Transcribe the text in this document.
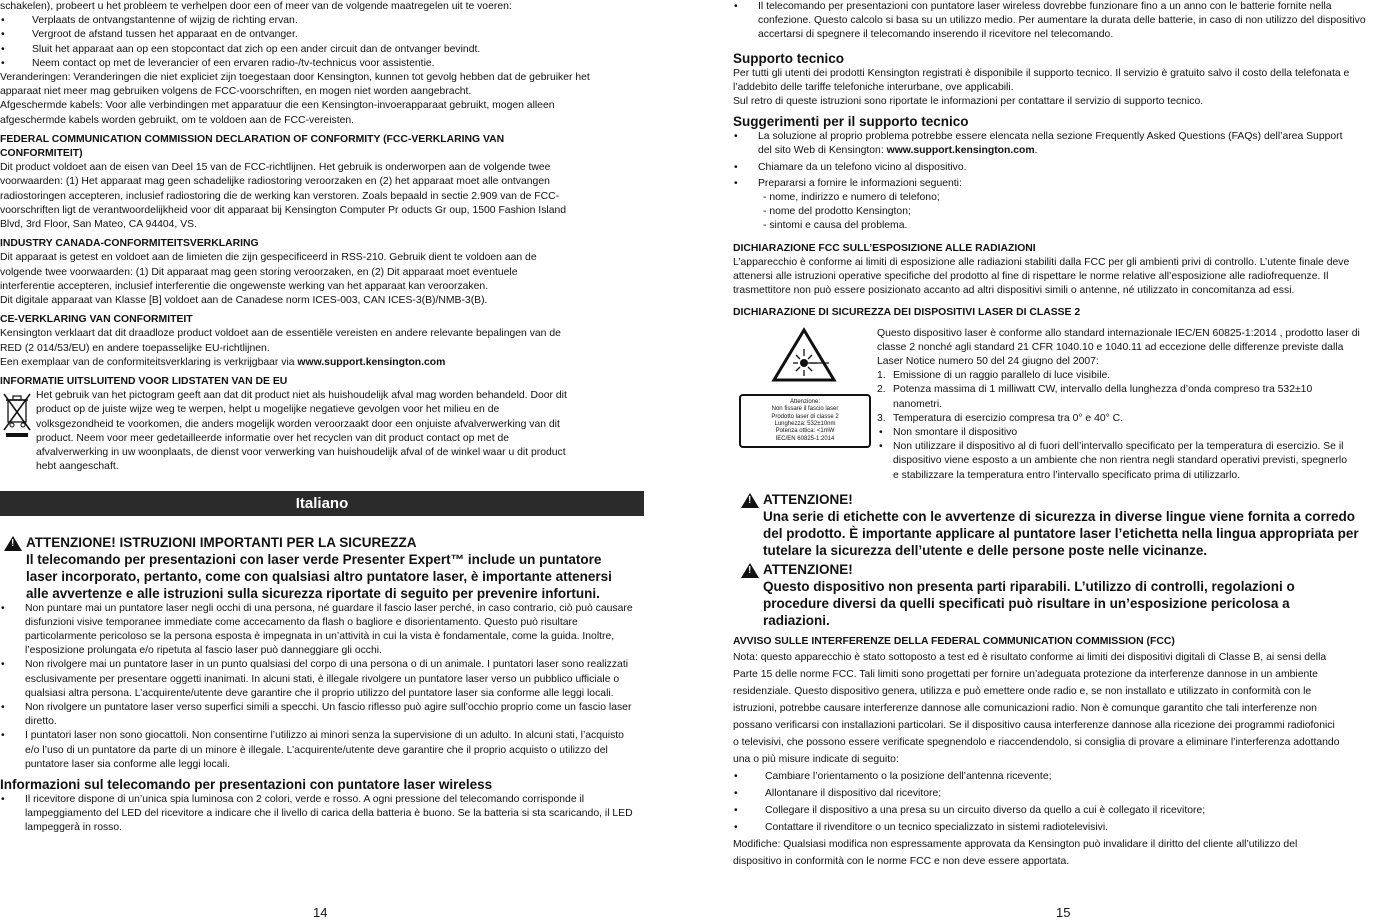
schakelen), probeert u het probleem te verhelpen door een of meer van de volgende maatregelen uit te voeren:

• Verplaats de ontvangstantenne of wijzig de richting ervan.

• Vergroot de afstand tussen het apparaat en de ontvanger.

• Sluit het apparaat aan op een stopcontact dat zich op een ander circuit dan de ontvanger bevindt.

• Neem contact op met de leverancier of een ervaren radio-/tv-technicus voor assistentie.

Veranderingen: Veranderingen die niet expliciet zijn toegestaan door Kensington, kunnen tot gevolg hebben dat de gebruiker het apparaat niet meer mag gebruiken volgens de FCC-voorschriften, en mogen niet worden aangebracht.

Afgeschermde kabels: Voor alle verbindingen met apparatuur die een Kensington-invoerapparaat gebruikt, mogen alleen afgeschermde kabels worden gebruikt, om te voldoen aan de FCC-vereisten.

FEDERAL COMMUNICATION COMMISSION DECLARATION OF CONFORMITY (FCC-VERKLARING VAN CONFORMITEIT)

Dit product voldoet aan de eisen van Deel 15 van de FCC-richtlijnen. Het gebruik is onderworpen aan de volgende twee voorwaarden: (1) Het apparaat mag geen schadelijke radiostoring veroorzaken en (2) het apparaat moet alle ontvangen radiostoringen accepteren, inclusief radiostoring die de werking kan verstoren. Zoals bepaald in sectie 2.909 van de FCC-voorschriften ligt de verantwoordelijkheid voor dit apparaat bij Kensington Computer Pr oducts Gr oup, 1500 Fashion Island Blvd, 3rd Floor, San Mateo, CA 94404, VS.

INDUSTRY CANADA-CONFORMITEITSVERKLARING

Dit apparaat is getest en voldoet aan de limieten die zijn gespecificeerd in RSS-210. Gebruik dient te voldoen aan de volgende twee voorwaarden: (1) Dit apparaat mag geen storing veroorzaken, en (2) Dit apparaat moet eventuele interferentie accepteren, inclusief interferentie die ongewenste werking van het apparaat kan veroorzaken.

Dit digitale apparaat van Klasse [B] voldoet aan de Canadese norm ICES-003, CAN ICES-3(B)/NMB-3(B).

CE-VERKLARING VAN CONFORMITEIT

Kensington verklaart dat dit draadloze product voldoet aan de essentiële vereisten en andere relevante bepalingen van de RED (2 014/53/EU) en andere toepasselijke EU-richtlijnen.

Een exemplaar van de conformiteitsverklaring is verkrijgbaar via www.support.kensington.com

INFORMATIE UITSLUITEND VOOR LIDSTATEN VAN DE EU

Het gebruik van het pictogram geeft aan dat dit product niet als huishoudelijk afval mag worden behandeld. Door dit product op de juiste wijze weg te werpen, helpt u mogelijke negatieve gevolgen voor het milieu en de volksgezondheid te voorkomen, die anders mogelijk worden veroorzaakt door een onjuiste afvalverwerking van dit product. Neem voor meer gedetailleerde informatie over het recyclen van dit product contact op met de afvalverwerking in uw woonplaats, de dienst voor verwerking van huishoudelijk afval of de winkel waar u dit product hebt aangeschaft.

Italiano
!

ATTENZIONE! ISTRUZIONI IMPORTANTI PER LA SICUREZZA

Il telecomando per presentazioni con laser verde Presenter Expert™ include un puntatore laser incorporato, pertanto, come con qualsiasi altro puntatore laser, è importante attenersi alle avvertenze e alle istruzioni sulla sicurezza riportate di seguito per prevenire infortuni.

• Non puntare mai un puntatore laser negli occhi di una persona, né guardare il fascio laser perché, in caso contrario, ciò può causare disfunzioni visive temporanee immediate come accecamento da flash o bagliore e disorientamento. Questo può risultare particolarmente pericoloso se la persona esposta è impegnata in un’attività in cui la vista è fondamentale, come la guida. Inoltre, l’esposizione prolungata e/o ripetuta al fascio laser può danneggiare gli occhi.

• Non rivolgere mai un puntatore laser in un punto qualsiasi del corpo di una persona o di un animale. I puntatori laser sono realizzati esclusivamente per presentare oggetti inanimati. In alcuni stati, è illegale rivolgere un puntatore laser verso un pubblico ufficiale o qualsiasi altra persona. L’acquirente/utente deve garantire che il proprio utilizzo del puntatore laser sia conforme alle leggi locali.

• Non rivolgere un puntatore laser verso superfici simili a specchi. Un fascio riflesso può agire sull’occhio proprio come un fascio laser diretto.

• I puntatori laser non sono giocattoli. Non consentirne l’utilizzo ai minori senza la supervisione di un adulto. In alcuni stati, l’acquisto e/o l’uso di un puntatore da parte di un minore è illegale. L’acquirente/utente deve garantire che il proprio acquisto o utilizzo del puntatore laser sia conforme alle leggi locali.

Informazioni sul telecomando per presentazioni con puntatore laser wireless

• Il ricevitore dispone di un’unica spia luminosa con 2 colori, verde e rosso. A ogni pressione del telecomando corrisponde il lampeggiamento del LED del ricevitore a indicare che il livello di carica della batteria è buono. Se la batteria si sta scaricando, il LED lampeggerà in rosso.

14

• Il telecomando per presentazioni con puntatore laser wireless dovrebbe funzionare fino a un anno con le batterie fornite nella confezione. Questo calcolo si basa su un utilizzo medio. Per aumentare la durata delle batterie, in caso di non utilizzo del dispositivo accertarsi di spegnere il telecomando inserendo il ricevitore nel telecomando.

Supporto tecnico

Per tutti gli utenti dei prodotti Kensington registrati è disponibile il supporto tecnico. Il servizio è gratuito salvo il costo della telefonata e l’addebito delle tariffe telefoniche interurbane, ove applicabili.

Sul retro di queste istruzioni sono riportate le informazioni per contattare il servizio di supporto tecnico.

Suggerimenti per il supporto tecnico

• La soluzione al proprio problema potrebbe essere elencata nella sezione Frequently Asked Questions (FAQs) dell’area Support del sito Web di Kensington: www.support.kensington.com.

• Chiamare da un telefono vicino al dispositivo.

• Prepararsi a fornire le informazioni seguenti:

- nome, indirizzo e numero di telefono;

- nome del prodotto Kensington;

- sintomi e causa del problema.

DICHIARAZIONE FCC SULL’ESPOSIZIONE ALLE RADIAZIONI

L’apparecchio è conforme ai limiti di esposizione alle radiazioni stabiliti dalla FCC per gli ambienti privi di controllo. L’utente finale deve attenersi alle istruzioni operative specifiche del prodotto al fine di rispettare le norme relative all’esposizione alle radiofrequenze. Il trasmettitore non può essere posizionato accanto ad altri dispositivi simili o antenne, né utilizzato in concomitanza ad essi.

DICHIARAZIONE DI SICUREZZA DEI DISPOSITIVI LASER DI CLASSE 2

Attenzione:
Non fissare il fascio laser
Prodotto laser di classe 2
Lunghezza: 532±10nm
Potenza ottica: <1mW
IEC/EN 60825-1:2014

Questo dispositivo laser è conforme allo standard internazionale IEC/EN 60825-1:2014 , prodotto laser di classe 2 nonché agli standard 21 CFR 1040.10 e 1040.11 ad eccezione delle differenze previste dalla Laser Notice numero 50 del 24 giugno del 2007:

1. Emissione di un raggio parallelo di luce visibile.

2. Potenza massima di 1 milliwatt CW, intervallo della lunghezza d’onda compreso tra 532±10 nanometri.

3. Temperatura di esercizio compresa tra 0° e 40° C.

• Non smontare il dispositivo

• Non utilizzare il dispositivo al di fuori dell’intervallo specificato per la temperatura di esercizio. Se il dispositivo viene esposto a un ambiente che non rientra negli standard operativi previsti, spegnerlo e stabilizzare la temperatura entro l’intervallo specificato prima di utilizzarlo.

!

ATTENZIONE!

Una serie di etichette con le avvertenze di sicurezza in diverse lingue viene fornita a corredo del prodotto. È importante applicare al puntatore laser l’etichetta nella lingua appropriata per tutelare la sicurezza dell’utente e delle persone poste nelle vicinanze.

!

ATTENZIONE!

Questo dispositivo non presenta parti riparabili. L’utilizzo di controlli, regolazioni o procedure diversi da quelli specificati può risultare in un’esposizione pericolosa a radiazioni.

AVVISO SULLE INTERFERENZE DELLA FEDERAL COMMUNICATION COMMISSION (FCC)

Nota: questo apparecchio è stato sottoposto a test ed è risultato conforme ai limiti dei dispositivi digitali di Classe B, ai sensi della Parte 15 delle norme FCC. Tali limiti sono progettati per fornire un’adeguata protezione da interferenze dannose in un ambiente residenziale. Questo dispositivo genera, utilizza e può emettere onde radio e, se non installato e utilizzato in conformità con le istruzioni, potrebbe causare interferenze dannose alle comunicazioni radio. Non è comunque garantito che tali interferenze non possano verificarsi con installazioni particolari. Se il dispositivo causa interferenze dannose alla ricezione dei programmi radiofonici o televisivi, che possono essere verificate spegnendolo e riaccendendolo, si consiglia di provare a eliminare l’interferenza adottando una o più misure indicate di seguito:

• Cambiare l’orientamento o la posizione dell’antenna ricevente;

• Allontanare il dispositivo dal ricevitore;

• Collegare il dispositivo a una presa su un circuito diverso da quello a cui è collegato il ricevitore;

• Contattare il rivenditore o un tecnico specializzato in sistemi radiotelevisivi.

Modifiche: Qualsiasi modifica non espressamente approvata da Kensington può invalidare il diritto del cliente all’utilizzo del dispositivo in conformità con le norme FCC e non deve essere apportata.

15
